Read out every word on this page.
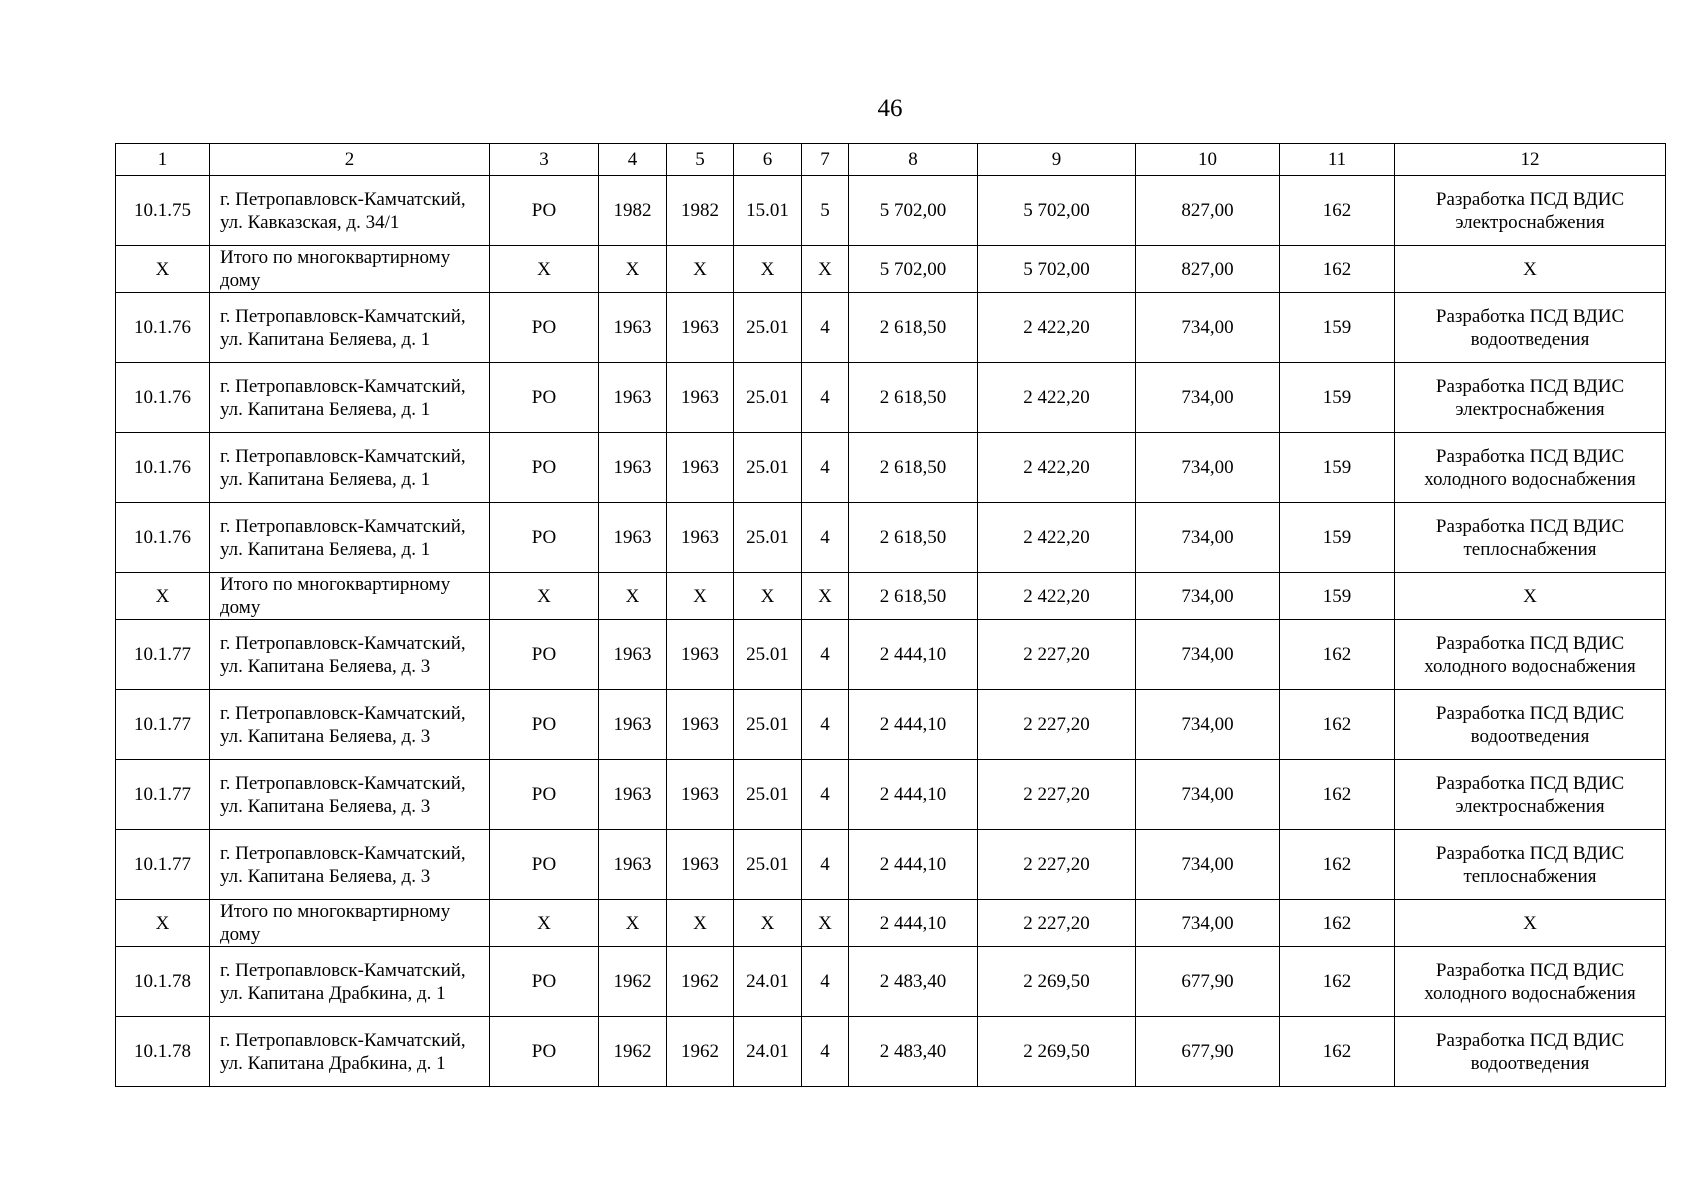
46
1	2	3	4	5	6	7	8	9	10	11	12
10.1.75	г. Петропавловск-Камчатский, ул. Кавказская, д. 34/1	РО	1982	1982	15.01	5	5 702,00	5 702,00	827,00	162	Разработка ПСД ВДИС электроснабжения
Х	Итого по многоквартирному дому	Х	Х	Х	Х	Х	5 702,00	5 702,00	827,00	162	Х
10.1.76	г. Петропавловск-Камчатский, ул. Капитана Беляева, д. 1	РО	1963	1963	25.01	4	2 618,50	2 422,20	734,00	159	Разработка ПСД ВДИС водоотведения
10.1.76	г. Петропавловск-Камчатский, ул. Капитана Беляева, д. 1	РО	1963	1963	25.01	4	2 618,50	2 422,20	734,00	159	Разработка ПСД ВДИС электроснабжения
10.1.76	г. Петропавловск-Камчатский, ул. Капитана Беляева, д. 1	РО	1963	1963	25.01	4	2 618,50	2 422,20	734,00	159	Разработка ПСД ВДИС холодного водоснабжения
10.1.76	г. Петропавловск-Камчатский, ул. Капитана Беляева, д. 1	РО	1963	1963	25.01	4	2 618,50	2 422,20	734,00	159	Разработка ПСД ВДИС теплоснабжения
Х	Итого по многоквартирному дому	Х	Х	Х	Х	Х	2 618,50	2 422,20	734,00	159	Х
10.1.77	г. Петропавловск-Камчатский, ул. Капитана Беляева, д. 3	РО	1963	1963	25.01	4	2 444,10	2 227,20	734,00	162	Разработка ПСД ВДИС холодного водоснабжения
10.1.77	г. Петропавловск-Камчатский, ул. Капитана Беляева, д. 3	РО	1963	1963	25.01	4	2 444,10	2 227,20	734,00	162	Разработка ПСД ВДИС водоотведения
10.1.77	г. Петропавловск-Камчатский, ул. Капитана Беляева, д. 3	РО	1963	1963	25.01	4	2 444,10	2 227,20	734,00	162	Разработка ПСД ВДИС электроснабжения
10.1.77	г. Петропавловск-Камчатский, ул. Капитана Беляева, д. 3	РО	1963	1963	25.01	4	2 444,10	2 227,20	734,00	162	Разработка ПСД ВДИС теплоснабжения
Х	Итого по многоквартирному дому	Х	Х	Х	Х	Х	2 444,10	2 227,20	734,00	162	Х
10.1.78	г. Петропавловск-Камчатский, ул. Капитана Драбкина, д. 1	РО	1962	1962	24.01	4	2 483,40	2 269,50	677,90	162	Разработка ПСД ВДИС холодного водоснабжения
10.1.78	г. Петропавловск-Камчатский, ул. Капитана Драбкина, д. 1	РО	1962	1962	24.01	4	2 483,40	2 269,50	677,90	162	Разработка ПСД ВДИС водоотведения
